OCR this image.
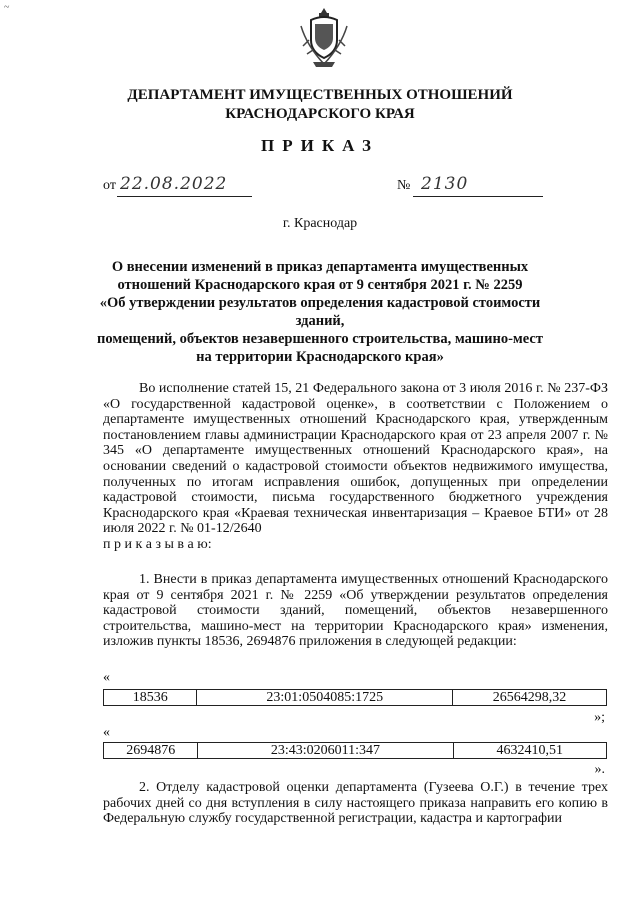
~
ДЕПАРТАМЕНТ ИМУЩЕСТВЕННЫХ ОТНОШЕНИЙ
КРАСНОДАРСКОГО КРАЯ
ПРИКАЗ
от 22.08.2022	№ 2130
г. Краснодар
О внесении изменений в приказ департамента имущественных
отношений Краснодарского края от 9 сентября 2021 г. № 2259
«Об утверждении результатов определения кадастровой стоимости зданий,
помещений, объектов незавершенного строительства, машино-мест
на территории Краснодарского края»
Во исполнение статей 15, 21 Федерального закона от 3 июля 2016 г. № 237-ФЗ «О государственной кадастровой оценке», в соответствии с Положением о департаменте имущественных отношений Краснодарского края, утвержденным постановлением главы администрации Краснодарского края от 23 апреля 2007 г. № 345 «О департаменте имущественных отношений Краснодарского края», на основании сведений о кадастровой стоимости объектов недвижимого имущества, полученных по итогам исправления ошибок, допущенных при определении кадастровой стоимости, письма государственного бюджетного учреждения Краснодарского края «Краевая техническая инвентаризация – Краевое БТИ» от 28 июля 2022 г. № 01-12/2640
п р и к а з ы в а ю:
1. Внести в приказ департамента имущественных отношений Краснодарского края от 9 сентября 2021 г. № 2259 «Об утверждении результатов определения кадастровой стоимости зданий, помещений, объектов незавершенного строительства, машино-мест на территории Краснодарского края» изменения, изложив пункты 18536, 2694876 приложения в следующей редакции:
«
18536	23:01:0504085:1725	26564298,32
»;
«
2694876	23:43:0206011:347	4632410,51
».
2. Отделу кадастровой оценки департамента (Гузеева О.Г.) в течение трех рабочих дней со дня вступления в силу настоящего приказа направить его копию в Федеральную службу государственной регистрации, кадастра и картографии
